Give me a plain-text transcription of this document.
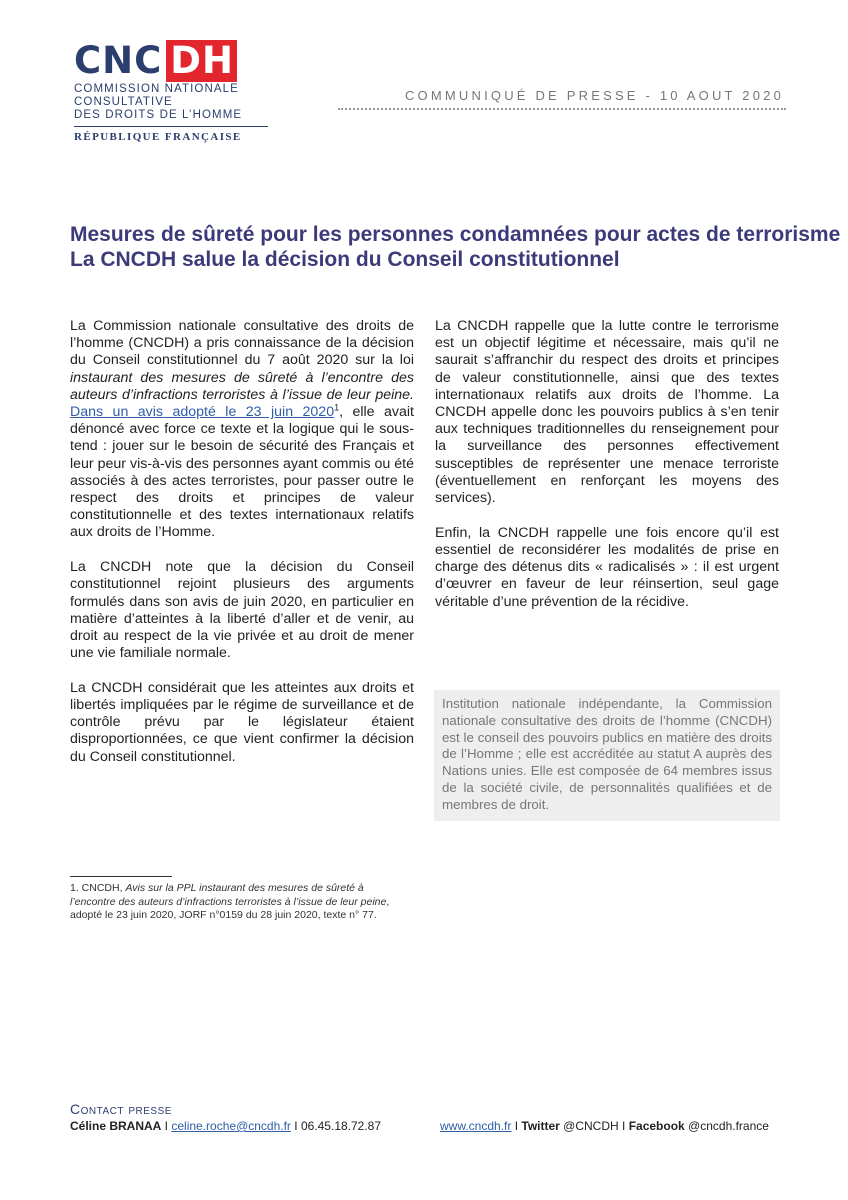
CNC DH
COMMISSION NATIONALE
CONSULTATIVE
DES DROITS DE L’HOMME
RÉPUBLIQUE FRANÇAISE
COMMUNIQUÉ DE PRESSE - 10 AOUT 2020
Mesures de sûreté pour les personnes condamnées pour actes de terrorisme
La CNCDH salue la décision du Conseil constitutionnel

La Commission nationale consultative des droits de l’homme (CNCDH) a pris connaissance de la décision du Conseil constitutionnel du 7 août 2020 sur la loi instaurant des mesures de sûreté à l’encontre des auteurs d’infractions terroristes à l’issue de leur peine. Dans un avis adopté le 23 juin 2020$^1$, elle avait dénoncé avec force ce texte et la logique qui le sous-tend : jouer sur le besoin de sécurité des Français et leur peur vis-à-vis des personnes ayant commis ou été associés à des actes terroristes, pour passer outre le respect des droits et principes de valeur constitutionnelle et des textes internationaux relatifs aux droits de l’Homme.

La CNCDH note que la décision du Conseil constitutionnel rejoint plusieurs des arguments formulés dans son avis de juin 2020, en particulier en matière d’atteintes à la liberté d’aller et de venir, au droit au respect de la vie privée et au droit de mener une vie familiale normale.

La CNCDH considérait que les atteintes aux droits et libertés impliquées par le régime de surveillance et de contrôle prévu par le législateur étaient disproportionnées, ce que vient confirmer la décision du Conseil constitutionnel.

La CNCDH rappelle que la lutte contre le terrorisme est un objectif légitime et nécessaire, mais qu’il ne saurait s’affranchir du respect des droits et principes de valeur constitutionnelle, ainsi que des textes internationaux relatifs aux droits de l’homme. La CNCDH appelle donc les pouvoirs publics à s’en tenir aux techniques traditionnelles du renseignement pour la surveillance des personnes effectivement susceptibles de représenter une menace terroriste (éventuellement en renforçant les moyens des services).

Enfin, la CNCDH rappelle une fois encore qu’il est essentiel de reconsidérer les modalités de prise en charge des détenus dits « radicalisés » : il est urgent d’œuvrer en faveur de leur réinsertion, seul gage véritable d’une prévention de la récidive.

Institution nationale indépendante, la Commission nationale consultative des droits de l’homme (CNCDH) est le conseil des pouvoirs publics en matière des droits de l’Homme ; elle est accréditée au statut A auprès des Nations unies. Elle est composée de 64 membres issus de la société civile, de personnalités qualifiées et de membres de droit.
1. CNCDH, Avis sur la PPL instaurant des mesures de sûreté à l’encontre des auteurs d’infractions terroristes à l’issue de leur peine, adopté le 23 juin 2020, JORF n°0159 du 28 juin 2020, texte n° 77.
Contact presse
Céline BRANAA I celine.roche@cncdh.fr I 06.45.18.72.87	www.cncdh.fr I Twitter @CNCDH I Facebook @cncdh.france
